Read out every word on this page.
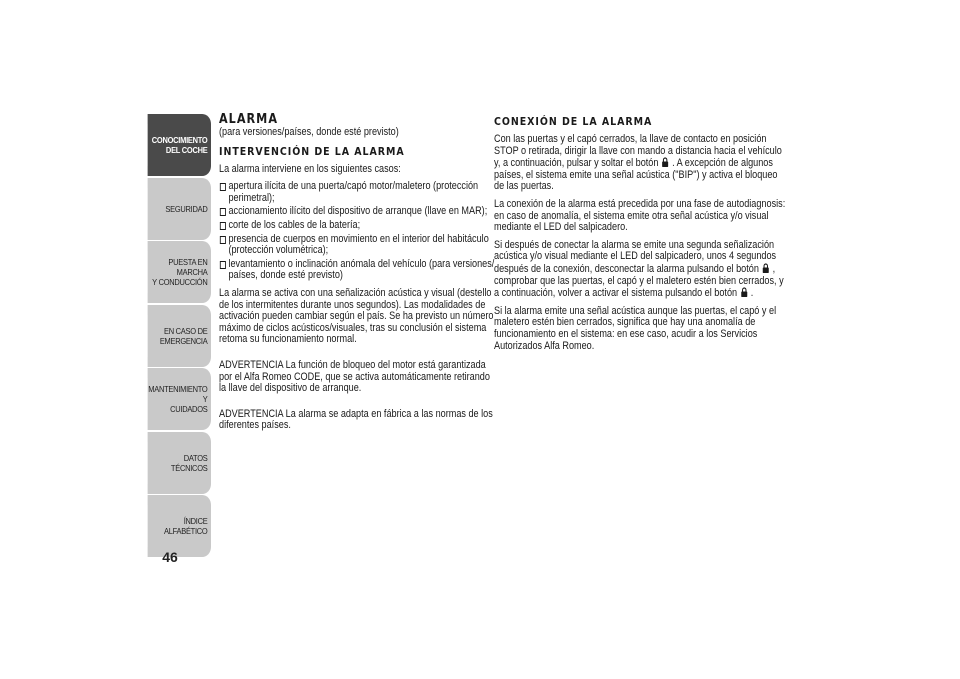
CONOCIMIENTO
DEL COCHE
SEGURIDAD
PUESTA EN MARCHA
Y CONDUCCIÓN
EN CASO DE
EMERGENCIA
MANTENIMIENTO Y
CUIDADOS
DATOS TÉCNICOS
ÍNDICE ALFABÉTICO
46
ALARMA

(para versiones/países, donde esté previsto)

INTERVENCIÓN DE LA ALARMA

La alarma interviene en los siguientes casos:

apertura ilícita de una puerta/capó motor/maletero (protección perimetral);
accionamiento ilícito del dispositivo de arranque (llave en MAR);
corte de los cables de la batería;
presencia de cuerpos en movimiento en el interior del habitáculo (protección volumétrica);
levantamiento o inclinación anómala del vehículo (para versiones/ países, donde esté previsto)

La alarma se activa con una señalización acústica y visual (destello de los intermitentes durante unos segundos). Las modalidades de activación pueden cambiar según el país. Se ha previsto un número máximo de ciclos acústicos/visuales, tras su conclusión el sistema retoma su funcionamiento normal.

ADVERTENCIA La función de bloqueo del motor está garantizada por el Alfa Romeo CODE, que se activa automáticamente retirando la llave del dispositivo de arranque.

ADVERTENCIA La alarma se adapta en fábrica a las normas de los diferentes países.

CONEXIÓN DE LA ALARMA

Con las puertas y el capó cerrados, la llave de contacto en posición STOP o retirada, dirigir la llave con mando a distancia hacia el vehículo y, a continuación, pulsar y soltar el botón . A excepción de algunos países, el sistema emite una señal acústica ("BIP") y activa el bloqueo de las puertas.

La conexión de la alarma está precedida por una fase de autodiagnosis: en caso de anomalía, el sistema emite otra señal acústica y/o visual mediante el LED del salpicadero.

Si después de conectar la alarma se emite una segunda señalización acústica y/o visual mediante el LED del salpicadero, unos 4 segundos después de la conexión, desconectar la alarma pulsando el botón , comprobar que las puertas, el capó y el maletero estén bien cerrados, y a continuación, volver a activar el sistema pulsando el botón .

Si la alarma emite una señal acústica aunque las puertas, el capó y el maletero estén bien cerrados, significa que hay una anomalía de funcionamiento en el sistema: en ese caso, acudir a los Servicios Autorizados Alfa Romeo.
